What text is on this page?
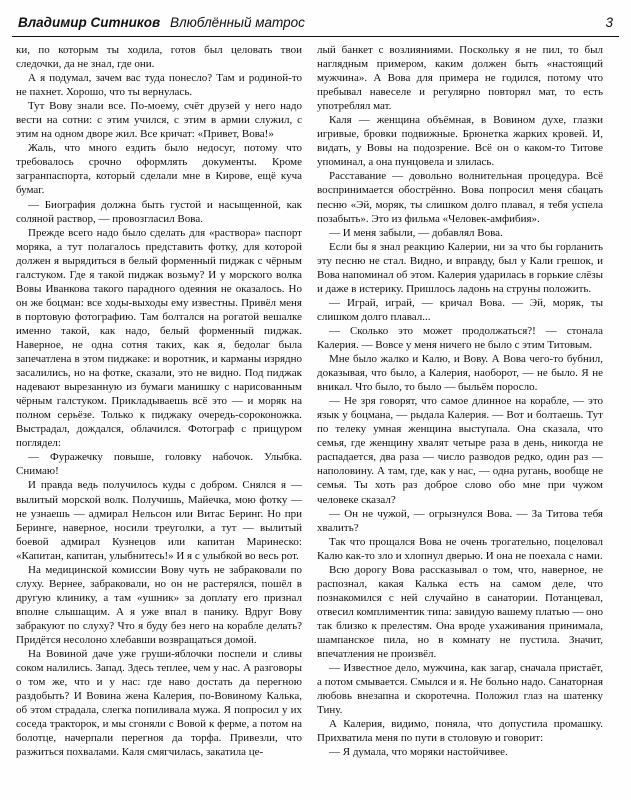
Владимир Ситников Влюблённый матрос	3

ки, по которым ты ходила, готов был целовать твои следочки, да не знал, где они.

А я подумал, зачем вас туда понесло? Там и родиной-то не пахнет. Хорошо, что ты вернулась.

Тут Вову знали все. По-моему, счёт друзей у него надо вести на сотни: с этим учился, с этим в армии служил, с этим на одном дворе жил. Все кричат: «Привет, Вова!»

Жаль, что много ездить было недосуг, потому что требовалось срочно оформлять документы. Кроме загранпаспорта, который сделали мне в Кирове, ещё куча бумаг.

— Биография должна быть густой и насыщенной, как соляной раствор, — провозгласил Вова.

Прежде всего надо было сделать для «раствора» паспорт моряка, а тут полагалось представить фотку, для которой должен я вырядиться в белый форменный пиджак с чёрным галстуком. Где я такой пиджак возьму? И у морского волка Вовы Иванкова такого парадного одеяния не оказалось. Но он же боцман: все ходы-выходы ему известны. Привёл меня в портовую фотографию. Там болтался на рогатой вешалке именно такой, как надо, белый форменный пиджак. Наверное, не одна сотня таких, как я, бедолаг была запечатлена в этом пиджаке: и воротник, и карманы изрядно засалились, но на фотке, сказали, это не видно. Под пиджак надевают вырезанную из бумаги манишку с нарисованным чёрным галстуком. Прикладываешь всё это — и моряк на полном серьёзе. Только к пиджаку очередь-сороконожка. Выстрадал, дождался, облачился. Фотограф с прищуром поглядел:

— Фуражечку повыше, головку набочок. Улыбка. Снимаю!

И правда ведь получилось куды с добром. Снялся я — вылитый морской волк. Получишь, Майечка, мою фотку — не узнаешь — адмирал Нельсон или Витас Беринг. Но при Беринге, наверное, носили треуголки, а тут — вылитый боевой адмирал Кузнецов или капитан Маринеско: «Капитан, капитан, улыбнитесь!» И я с улыбкой во весь рот.

На медицинской комиссии Вову чуть не забраковали по слуху. Вернее, забраковали, но он не растерялся, пошёл в другую клинику, а там «ушник» за доплату его признал вполне слышащим. А я уже впал в панику. Вдруг Вову забракуют по слуху? Что я буду без него на корабле делать? Придётся несолоно хлебавши возвращаться домой.

На Вовиной даче уже груши-яблочки поспели и сливы соком налились. Запад. Здесь теплее, чем у нас. А разговоры о том же, что и у нас: где наво достать да перегною раздобыть? И Вовина жена Калерия, по-Вовиному Калька, об этом страдала, слегка попиливала мужа. Я попросил у их соседа тракторок, и мы сгоняли с Вовой к ферме, а потом на болотце, начерпали перегноя да торфа. Привезли, что разжиться похвалами. Каля смягчилась, закатила це-

лый банкет с возлияниями. Поскольку я не пил, то был наглядным примером, каким должен быть «настоящий мужчина». А Вова для примера не годился, потому что пребывал навеселе и регулярно повторял мат, то есть употреблял мат.

Каля — женщина объёмная, в Вовином духе, глазки игривые, бровки подвижные. Брюнетка жарких кровей. И, видать, у Вовы на подозрение. Всё он о каком-то Титове упоминал, а она пунцовела и злилась.

Расставание — довольно волнительная процедура. Всё воспринимается обострённо. Вова попросил меня сбацать песню «Эй, моряк, ты слишком долго плавал, я тебя успела позабыть». Это из фильма «Человек-амфибия».

— И меня забыли, — добавлял Вова.

Если бы я знал реакцию Калерии, ни за что бы горланить эту песню не стал. Видно, и вправду, был у Кали грешок, и Вова напоминал об этом. Калерия ударилась в горькие слёзы и даже в истерику. Пришлось ладонь на струны положить.

— Играй, играй, — кричал Вова. — Эй, моряк, ты слишком долго плавал...

— Сколько это может продолжаться?! — стонала Калерия. — Вовсе у меня ничего не было с этим Титовым.

Мне было жалко и Калю, и Вову. А Вова чего-то бубнил, доказывая, что было, а Калерия, наоборот, — не было. Я не вникал. Что было, то было — быльём поросло.

— Не зря говорят, что самое длинное на корабле, — это язык у боцмана, — рыдала Калерия. — Вот и болтаешь. Тут по телеку умная женщина выступала. Она сказала, что семья, где женщину хвалят четыре раза в день, никогда не распадается, два раза — число разводов редко, один раз — наполовину. А там, где, как у нас, — одна ругань, вообще не семья. Ты хоть раз доброе слово обо мне при чужом человеке сказал?

— Он не чужой, — огрызнулся Вова. — За Титова тебя хвалить?

Так что прощался Вова не очень трогательно, поцеловал Калю как-то зло и хлопнул дверью. И она не поехала с нами.

Всю дорогу Вова рассказывал о том, что, наверное, не распознал, какая Калька есть на самом деле, что познакомился с ней случайно в санатории. Потанцевал, отвесил комплиментик типа: завидую вашему платью — оно так близко к прелестям. Она вроде ухаживания принимала, шампанское пила, но в комнату не пустила. Значит, впечатления не произвёл.

— Известное дело, мужчина, как загар, сначала пристаёт, а потом смывается. Смылся и я. Не больно надо. Санаторная любовь внезапна и скоротечна. Положил глаз на шатенку Тину.

А Калерия, видимо, поняла, что допустила промашку. Прихватила меня по пути в столовую и говорит:

— Я думала, что моряки настойчивее.
